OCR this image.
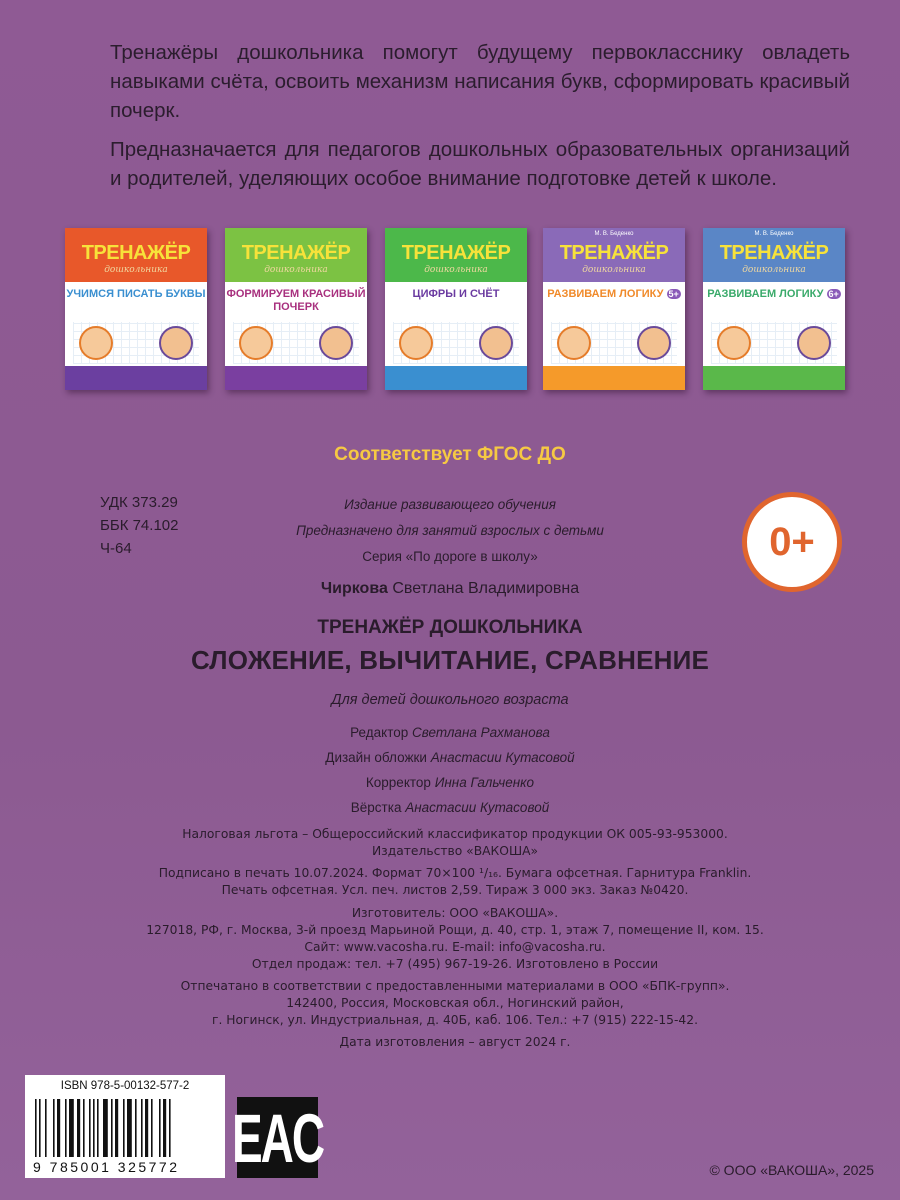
Тренажёры дошкольника помогут будущему первокласснику овладеть навыками счёта, освоить механизм написания букв, сформировать красивый почерк.

Предназначается для педагогов дошкольных образовательных организаций и родителей, уделяющих особое внимание подготовке детей к школе.

ТРЕНАЖЁР
дошкольника
УЧИМСЯ ПИСАТЬ БУКВЫ
ТРЕНАЖЁР
дошкольника
ФОРМИРУЕМ КРАСИВЫЙ ПОЧЕРК
ТРЕНАЖЁР
дошкольника
ЦИФРЫ И СЧЁТ
М. В. Беденко
ТРЕНАЖЁР
дошкольника
РАЗВИВАЕМ ЛОГИКУ 5+
М. В. Беденко
ТРЕНАЖЁР
дошкольника
РАЗВИВАЕМ ЛОГИКУ 6+
Соответствует ФГОС ДО
УДК 373.29
ББК 74.102
Ч-64
Издание развивающего обучения
Предназначено для занятий взрослых с детьми
Серия «По дороге в школу»	0+
Чиркова Светлана Владимировна
ТРЕНАЖЁР ДОШКОЛЬНИКА
СЛОЖЕНИЕ, ВЫЧИТАНИЕ, СРАВНЕНИЕ
Для детей дошкольного возраста
Редактор Светлана Рахманова
Дизайн обложки Анастасии Кутасовой
Корректор Инна Гальченко
Вёрстка Анастасии Кутасовой
Налоговая льгота – Общероссийский классификатор продукции ОК 005-93-953000.
Издательство «ВАКОША»
Подписано в печать 10.07.2024. Формат 70×100 ¹/₁₆. Бумага офсетная. Гарнитура Franklin.
Печать офсетная. Усл. печ. листов 2,59. Тираж 3 000 экз. Заказ №0420.
Изготовитель: ООО «ВАКОША».
127018, РФ, г. Москва, 3-й проезд Марьиной Рощи, д. 40, стр. 1, этаж 7, помещение II, ком. 15.
Сайт: www.vacosha.ru. E-mail: info@vacosha.ru.
Отдел продаж: тел. +7 (495) 967-19-26. Изготовлено в России
Отпечатано в соответствии с предоставленными материалами в ООО «БПК-групп».
142400, Россия, Московская обл., Ногинский район,
г. Ногинск, ул. Индустриальная, д. 40Б, каб. 106. Тел.: +7 (915) 222-15-42.
Дата изготовления – август 2024 г.
ISBN 978-5-00132-577-2
9 785001 325772	EAC	© ООО «ВАКОША», 2025
